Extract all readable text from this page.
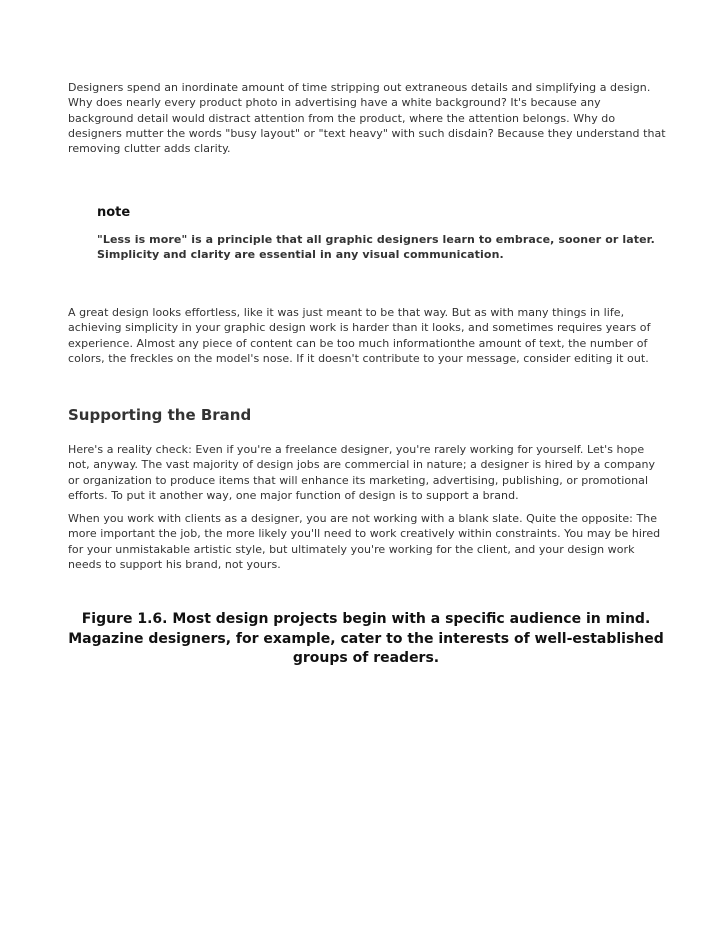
Designers spend an inordinate amount of time stripping out extraneous details and simplifying a design. Why does nearly every product photo in advertising have a white background? It's because any background detail would distract attention from the product, where the attention belongs. Why do designers mutter the words "busy layout" or "text heavy" with such disdain? Because they understand that removing clutter adds clarity.

note

"Less is more" is a principle that all graphic designers learn to embrace, sooner or later. Simplicity and clarity are essential in any visual communication.

A great design looks effortless, like it was just meant to be that way. But as with many things in life, achieving simplicity in your graphic design work is harder than it looks, and sometimes requires years of experience. Almost any piece of content can be too much informationthe amount of text, the number of colors, the freckles on the model's nose. If it doesn't contribute to your message, consider editing it out.

Supporting the Brand

Here's a reality check: Even if you're a freelance designer, you're rarely working for yourself. Let's hope not, anyway. The vast majority of design jobs are commercial in nature; a designer is hired by a company or organization to produce items that will enhance its marketing, advertising, publishing, or promotional efforts. To put it another way, one major function of design is to support a brand.

When you work with clients as a designer, you are not working with a blank slate. Quite the opposite: The more important the job, the more likely you'll need to work creatively within constraints. You may be hired for your unmistakable artistic style, but ultimately you're working for the client, and your design work needs to support his brand, not yours.

Figure 1.6. Most design projects begin with a specific audience in mind. Magazine designers, for example, cater to the interests of well-established groups of readers.
